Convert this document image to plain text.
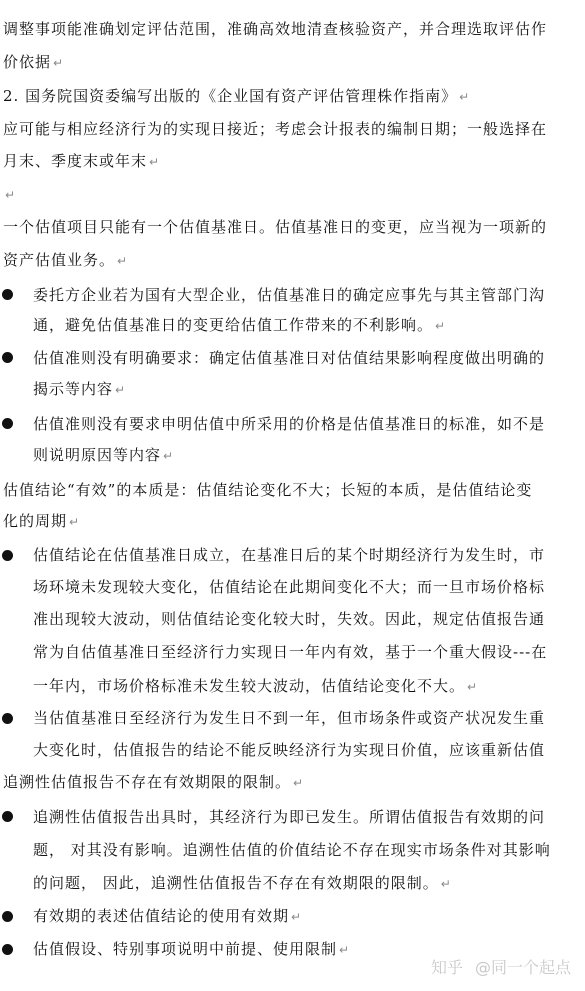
调整事项能准确划定评估范围，准确高效地清查核验资产，并合理选取评估作
价依据 ↵
2. 国务院国资委编写出版的《企业国有资产评估管理株作指南》 ↵
应可能与相应经济行为的实现日接近；考虑会计报表的编制日期；一般选择在
月末、季度末或年末 ↵
↵
一个估值项目只能有一个估值基准日。估值基准日的变更，应当视为一项新的
资产估值业务。 ↵
委托方企业若为国有大型企业，估值基准日的确定应事先与其主管部门沟
通，避免估值基准日的变更给估值工作带来的不利影响。 ↵
估值准则没有明确要求：确定估值基准日对估值结果影响程度做出明确的
揭示等内容 ↵
估值准则没有要求申明估值中所采用的价格是估值基准日的标准，如不是
则说明原因等内容 ↵
估值结论“有效”的本质是：估值结论变化不大；长短的本质，是估值结论变
化的周期 ↵
估值结论在估值基准日成立，在基准日后的某个时期经济行为发生时，市
场环境未发现较大变化，估值结论在此期间变化不大；而一旦市场价格标
准出现较大波动，则估值结论变化较大时，失效。因此，规定估值报告通
常为自估值基准日至经济行力实现日一年内有效，基于一个重大假设---在
一年内，市场价格标准未发生较大波动，估值结论变化不大。 ↵
当估值基准日至经济行为发生日不到一年，但市场条件或资产状况发生重
大变化时，估值报告的结论不能反映经济行为实现日价值，应该重新估值
追溯性估值报告不存在有效期限的限制。 ↵
追溯性估值报告出具时，其经济行为即已发生。所谓估值报告有效期的问
题， 对其没有影响。追溯性估值的价值结论不存在现实市场条件对其影响
的问题， 因此，追溯性估值报告不存在有效期限的限制。 ↵
有效期的表述估值结论的使用有效期 ↵
估值假设、特别事项说明中前提、使用限制 ↵
知乎 @同一个起点
